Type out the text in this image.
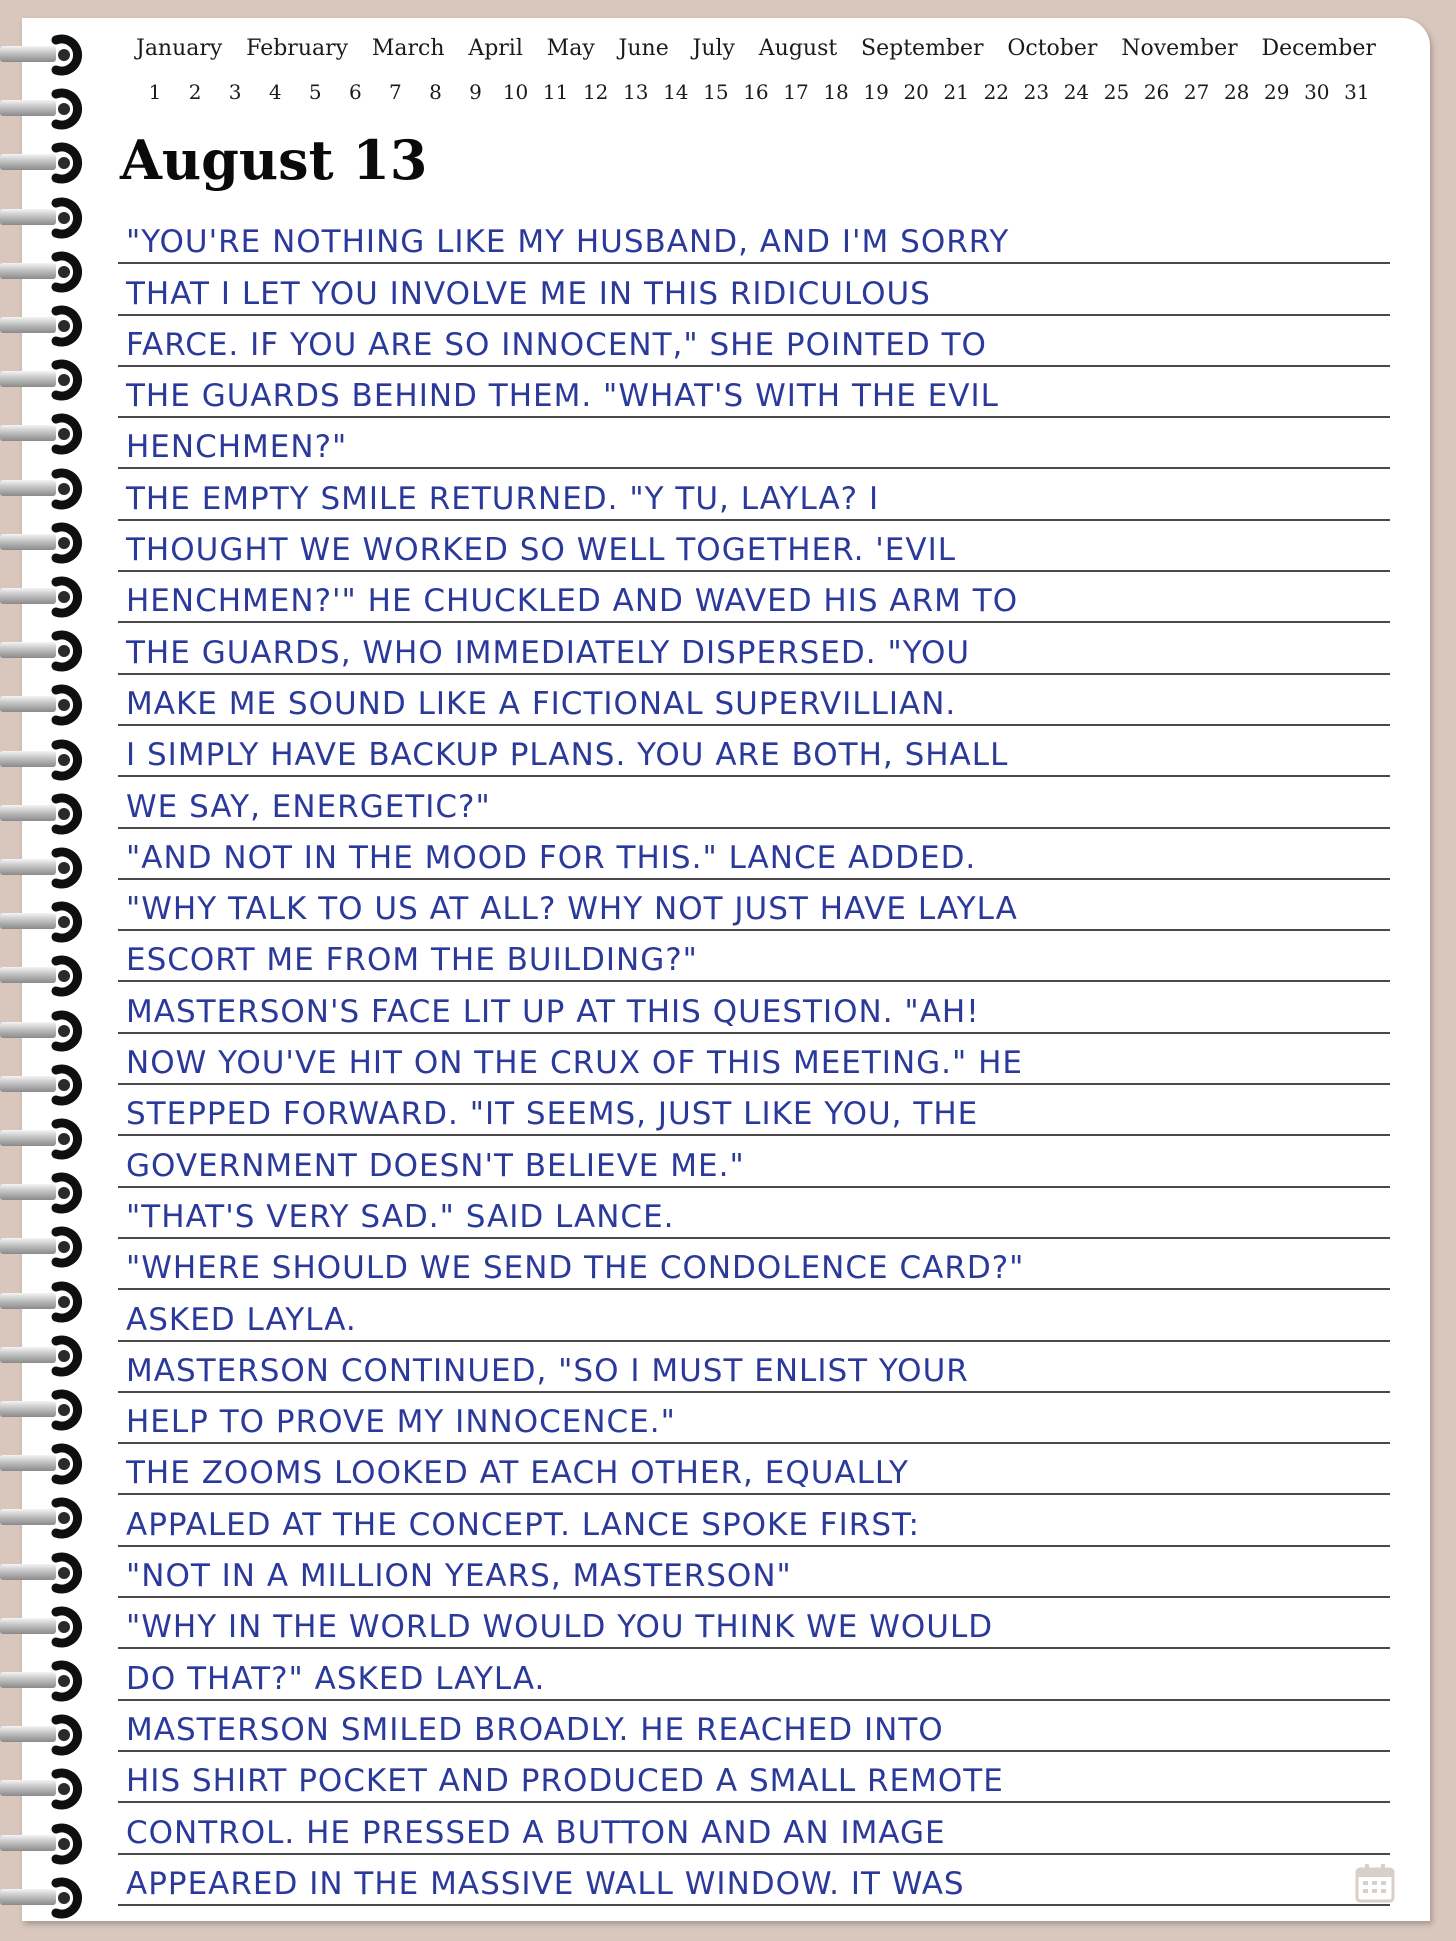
January February March April May June July August September October November December
1	2	3	4	5	6	7	8	9	10 11 12 13 14 15 16 17 18 19 20 21 22 23 24 25 26 27 28 29 30 31
August 13
"YOU'RE NOTHING LIKE MY HUSBAND, AND I'M SORRY
THAT I LET YOU INVOLVE ME IN THIS RIDICULOUS
FARCE. IF YOU ARE SO INNOCENT," SHE POINTED TO
THE GUARDS BEHIND THEM. "WHAT'S WITH THE EVIL
HENCHMEN?"
THE EMPTY SMILE RETURNED. "Y TU, LAYLA? I
THOUGHT WE WORKED SO WELL TOGETHER. 'EVIL
HENCHMEN?'" HE CHUCKLED AND WAVED HIS ARM TO
THE GUARDS, WHO IMMEDIATELY DISPERSED. "YOU
MAKE ME SOUND LIKE A FICTIONAL SUPERVILLIAN.
I SIMPLY HAVE BACKUP PLANS. YOU ARE BOTH, SHALL
WE SAY, ENERGETIC?"
"AND NOT IN THE MOOD FOR THIS." LANCE ADDED.
"WHY TALK TO US AT ALL? WHY NOT JUST HAVE LAYLA
ESCORT ME FROM THE BUILDING?"
MASTERSON'S FACE LIT UP AT THIS QUESTION. "AH!
NOW YOU'VE HIT ON THE CRUX OF THIS MEETING." HE
STEPPED FORWARD. "IT SEEMS, JUST LIKE YOU, THE
GOVERNMENT DOESN'T BELIEVE ME."
"THAT'S VERY SAD." SAID LANCE.
"WHERE SHOULD WE SEND THE CONDOLENCE CARD?"
ASKED LAYLA.
MASTERSON CONTINUED, "SO I MUST ENLIST YOUR
HELP TO PROVE MY INNOCENCE."
THE ZOOMS LOOKED AT EACH OTHER, EQUALLY
APPALED AT THE CONCEPT. LANCE SPOKE FIRST:
"NOT IN A MILLION YEARS, MASTERSON"
"WHY IN THE WORLD WOULD YOU THINK WE WOULD
DO THAT?" ASKED LAYLA.
MASTERSON SMILED BROADLY. HE REACHED INTO
HIS SHIRT POCKET AND PRODUCED A SMALL REMOTE
CONTROL. HE PRESSED A BUTTON AND AN IMAGE
APPEARED IN THE MASSIVE WALL WINDOW. IT WAS
